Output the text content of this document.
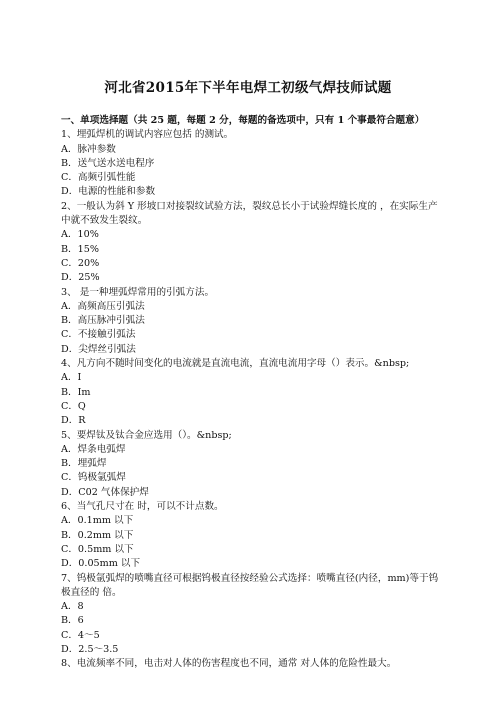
河北省2015年下半年电焊工初级气焊技师试题
一、单项选择题（共 25 题，每题 2 分，每题的备选项中，只有 1 个事最符合题意）
1、埋弧焊机的调试内容应包括 的测试。
A．脉冲参数
B．送气送水送电程序
C．高频引弧性能
D．电源的性能和参数
2、一般认为斜 Y 形坡口对接裂纹试验方法，裂纹总长小于试验焊缝长度的 ，在实际生产中就不致发生裂纹。
A．10%
B．15%
C．20%
D．25%
3、 是一种埋弧焊常用的引弧方法。
A．高频高压引弧法
B．高压脉冲引弧法
C．不接触引弧法
D．尖焊丝引弧法
4、凡方向不随时间变化的电流就是直流电流，直流电流用字母（）表示。&nbsp;
A．I
B．Im
C．Q
D．R
5、要焊钛及钛合金应选用（）。&nbsp;
A．焊条电弧焊
B．埋弧焊
C．钨极氩弧焊
D．C02 气体保护焊
6、当气孔尺寸在 时，可以不计点数。
A．0.1mm 以下
B．0.2mm 以下
C．0.5mm 以下
D．0.05mm 以下
7、钨极氩弧焊的喷嘴直径可根据钨极直径按经验公式选择：喷嘴直径(内径，mm)等于钨极直径的 倍。
A．8
B．6
C．4～5
D．2.5～3.5
8、电流频率不同，电击对人体的伤害程度也不同，通常 对人体的危险性最大。
